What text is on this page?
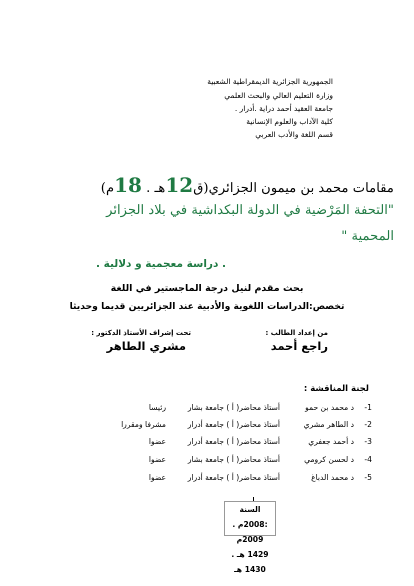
الجمهورية الجزائرية الديمقراطية الشعبية
وزارة التعليم العالي والبحث العلمي
جامعة العقيد أحمد دراية .أدرار .
كلية الآداب والعلوم الإنسانية
قسم اللغة والأدب العربي
مقامات محمد بن ميمون الجزائري(ق12هـ . 18م)
"التحفة المَرْضية في الدولة البكداشية في بلاد الجزائر
المحمية "
. دراسة معجمية و دلالية .
بحث مقدم لنيل درجة الماجستير في اللغة
تخصص:الدراسات اللغوية والأدبية عند الجزائريين قديما وحديثا
من إعداد الطالب :
راجع أحمد
تحت إشراف الأستاذ الدكتور :
مشري الطاهر
لجنة المناقشة :
1-
د محمد بن حمو
أستاذ محاضر( أ ) جامعة بشار
رئيسا
2-
د الطاهر مشري
أستاذ محاضر( أ ) جامعة أدرار
مشرفا ومقررا
3-
د أحمد جعفري
أستاذ محاضر( أ ) جامعة أدرار
عضوا
4-
د لحسن كرومي
أستاذ محاضر( أ ) جامعة بشار
عضوا
5-
د محمد الدباغ
أستاذ محاضر( أ ) جامعة أدرار
عضوا
السنة :2008م . 2009م
1429 هـ . 1430 هـ
